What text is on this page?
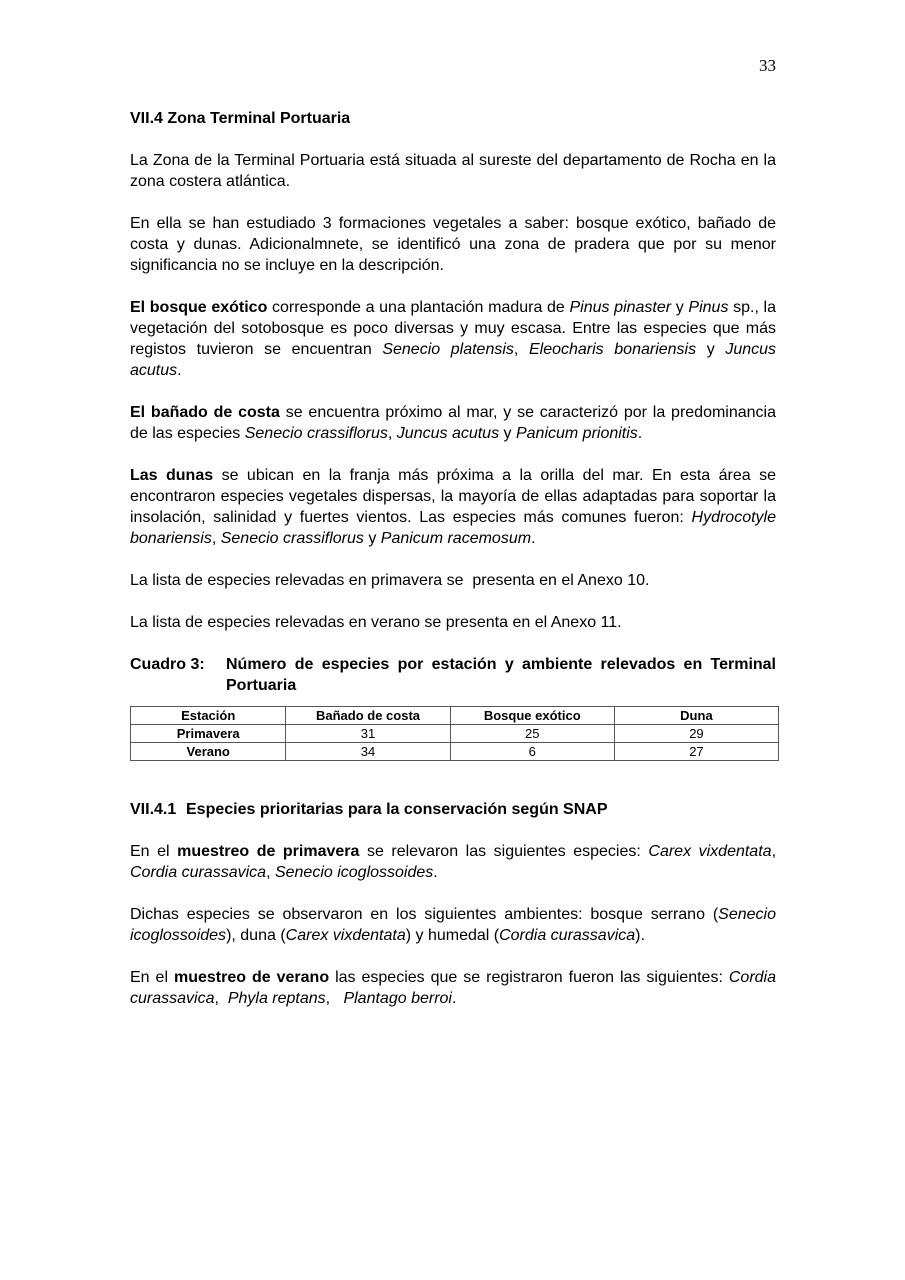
33
VII.4 Zona Terminal Portuaria

La Zona de la Terminal Portuaria está situada al sureste del departamento de Rocha en la zona costera atlántica.

En ella se han estudiado 3 formaciones vegetales a saber: bosque exótico, bañado de costa y dunas. Adicionalmnete, se identificó una zona de pradera que por su menor significancia no se incluye en la descripción.

El bosque exótico corresponde a una plantación madura de Pinus pinaster y Pinus sp., la vegetación del sotobosque es poco diversas y muy escasa. Entre las especies que más registos tuvieron se encuentran Senecio platensis, Eleocharis bonariensis y Juncus acutus.

El bañado de costa se encuentra próximo al mar, y se caracterizó por la predominancia de las especies Senecio crassiflorus, Juncus acutus y Panicum prionitis.

Las dunas se ubican en la franja más próxima a la orilla del mar. En esta área se encontraron especies vegetales dispersas, la mayoría de ellas adaptadas para soportar la insolación, salinidad y fuertes vientos. Las especies más comunes fueron: Hydrocotyle bonariensis, Senecio crassiflorus y Panicum racemosum.

La lista de especies relevadas en primavera se  presenta en el Anexo 10.

La lista de especies relevadas en verano se presenta en el Anexo 11.

Cuadro 3:	Número de especies por estación y ambiente relevados en Terminal Portuaria
Estación	Bañado de costa	Bosque exótico	Duna
Primavera	31	25	29
Verano	34	6	27
VII.4.1 Especies prioritarias para la conservación según SNAP

En el muestreo de primavera se relevaron las siguientes especies: Carex vixdentata, Cordia curassavica, Senecio icoglossoides.

Dichas especies se observaron en los siguientes ambientes: bosque serrano (Senecio icoglossoides), duna (Carex vixdentata) y humedal (Cordia curassavica).

En el muestreo de verano las especies que se registraron fueron las siguientes: Cordia curassavica,  Phyla reptans,   Plantago berroi.
